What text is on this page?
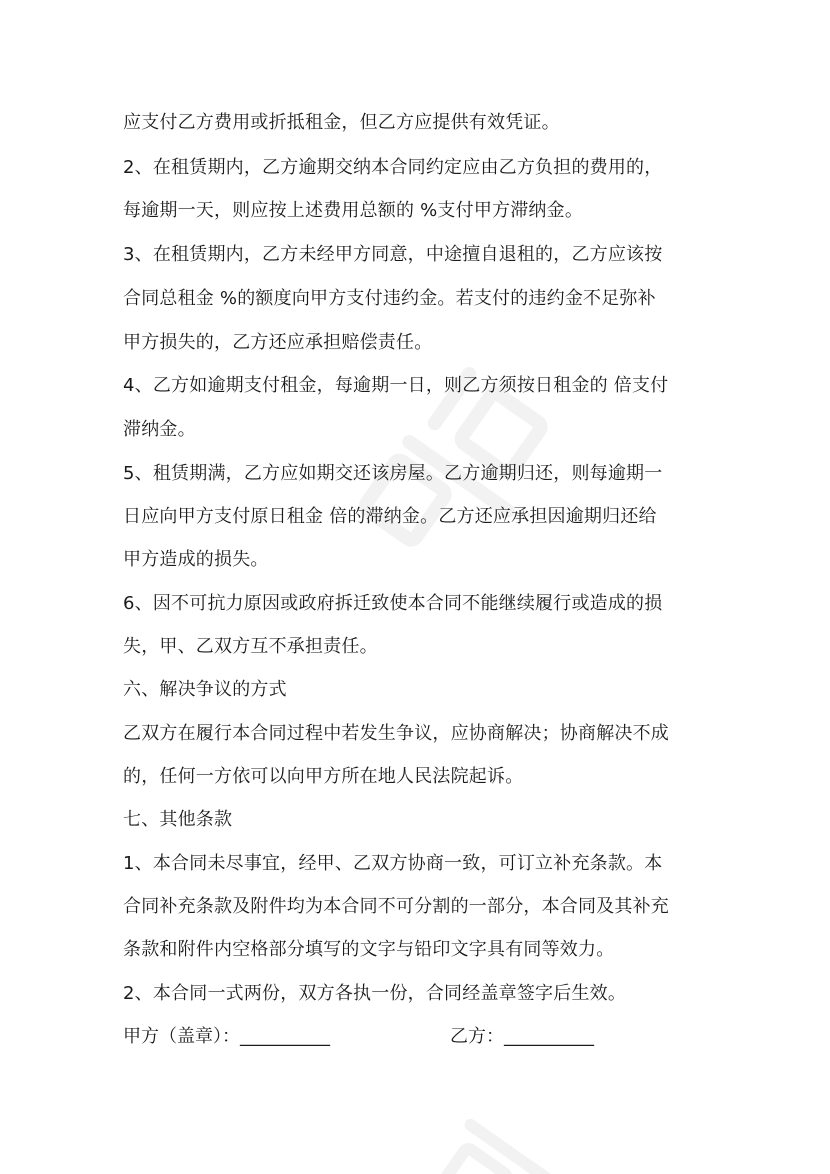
应支付乙方费用或折抵租金，但乙方应提供有效凭证。
2、在租赁期内，乙方逾期交纳本合同约定应由乙方负担的费用的，
每逾期一天，则应按上述费用总额的 %支付甲方滞纳金。
3、在租赁期内，乙方未经甲方同意，中途擅自退租的，乙方应该按
合同总租金 %的额度向甲方支付违约金。若支付的违约金不足弥补
甲方损失的，乙方还应承担赔偿责任。
4、乙方如逾期支付租金，每逾期一日，则乙方须按日租金的 倍支付
滞纳金。
5、租赁期满，乙方应如期交还该房屋。乙方逾期归还，则每逾期一
日应向甲方支付原日租金 倍的滞纳金。乙方还应承担因逾期归还给
甲方造成的损失。
6、因不可抗力原因或政府拆迁致使本合同不能继续履行或造成的损
失，甲、乙双方互不承担责任。
六、解决争议的方式
乙双方在履行本合同过程中若发生争议，应协商解决；协商解决不成
的，任何一方依可以向甲方所在地人民法院起诉。
七、其他条款
1、本合同未尽事宜，经甲、乙双方协商一致，可订立补充条款。本
合同补充条款及附件均为本合同不可分割的一部分，本合同及其补充
条款和附件内空格部分填写的文字与铅印文字具有同等效力。
2、本合同一式两份，双方各执一份，合同经盖章签字后生效。
甲方（盖章）：__________	乙方：__________
